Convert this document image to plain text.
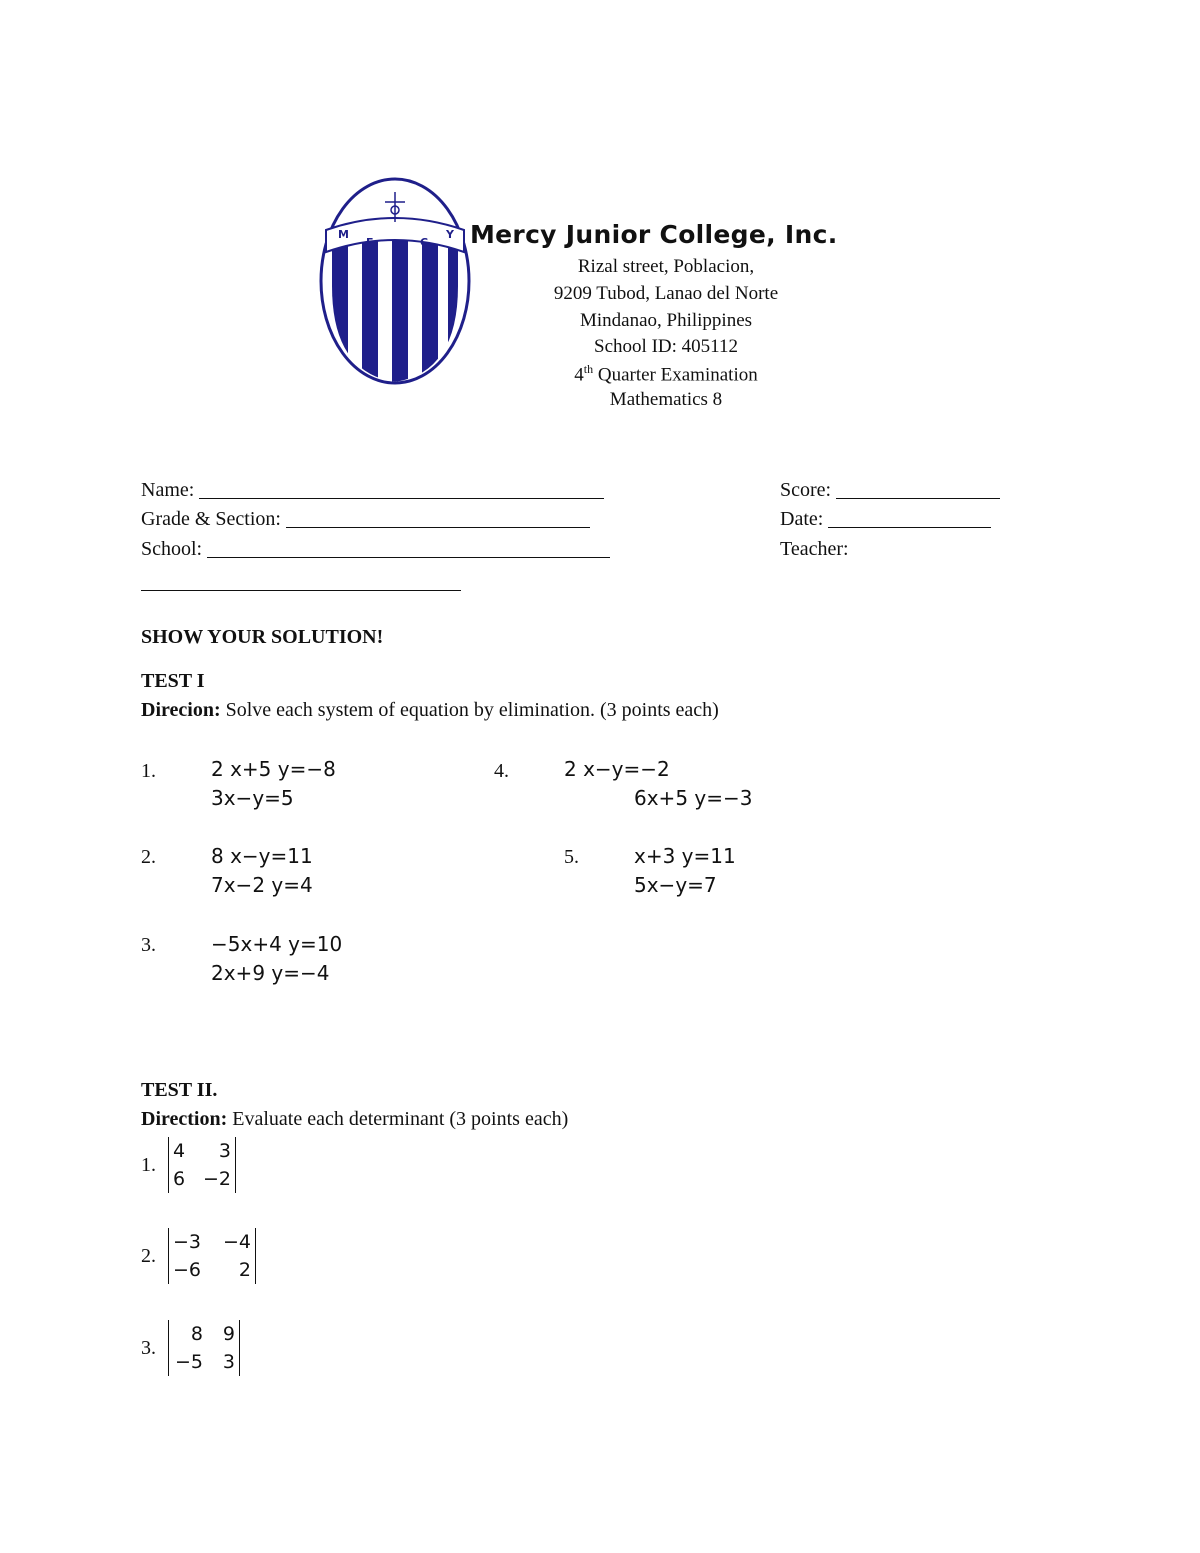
M
E R C
Y Mercy Junior College, Inc.
Rizal street, Poblacion,
9209 Tubod, Lanao del Norte
Mindanao, Philippines
School ID: 405112
4th Quarter Examination
Mathematics 8
Name:	Score:
Grade & Section:	Date:
School:	Teacher:
SHOW YOUR SOLUTION!
TEST I
Direcion: Solve each system of equation by elimination. (3 points each)
1.	2 x+5 y=−8
3x−y=5
2.	8 x−y=11
7x−2 y=4
3.	−5x+4 y=10
2x+9 y=−4
4.	2 x−y=−2
6x+5 y=−3
5.	x+3 y=11
5x−y=7
TEST II.
Direction: Evaluate each determinant (3 points each)
1.
4 3
6 −2
2.
−3 −4
−6 2
3.
8 9
−5 3
